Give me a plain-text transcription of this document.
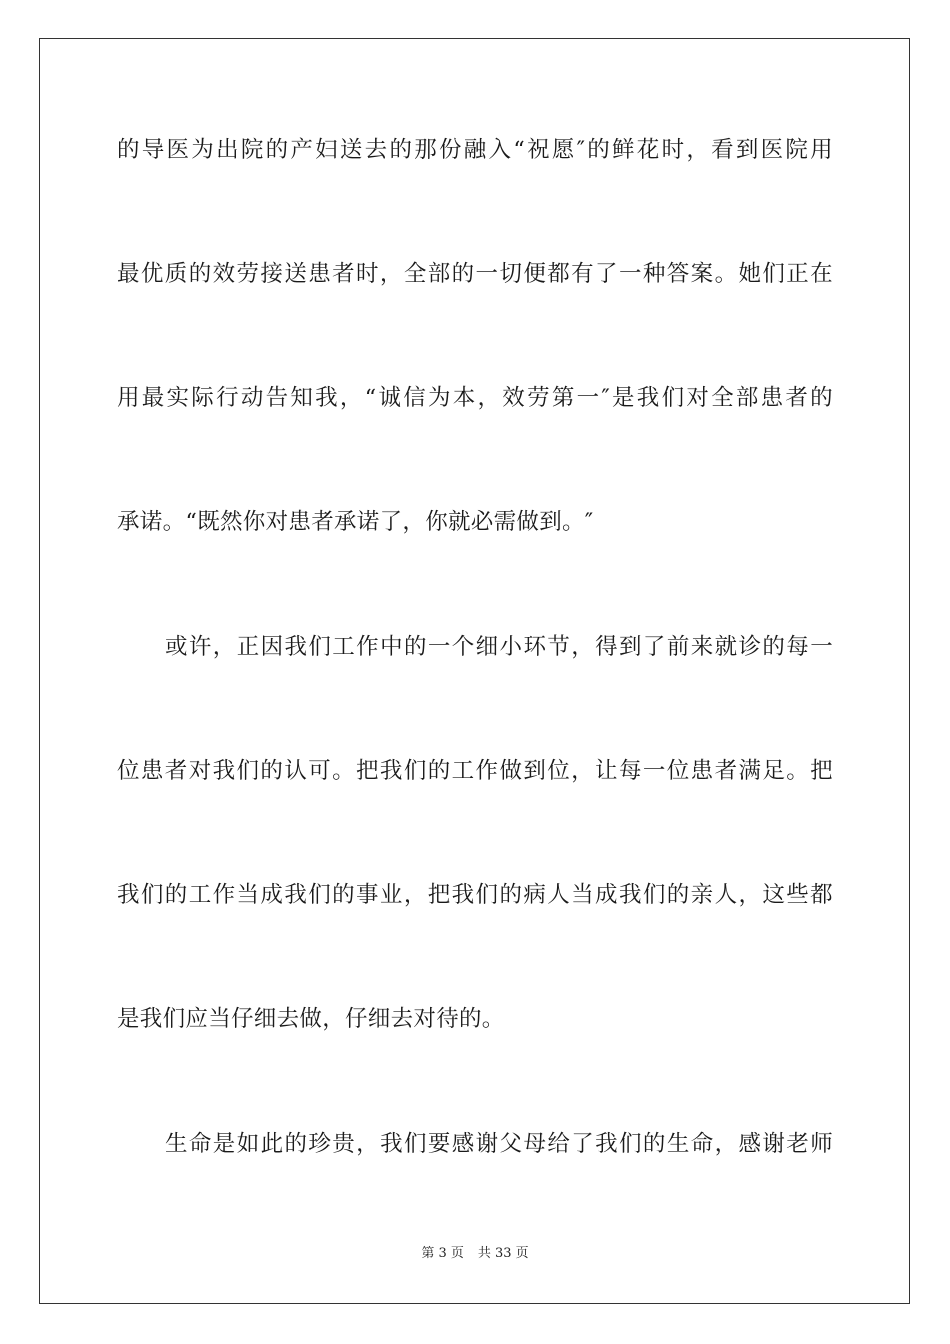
的导医为出院的产妇送去的那份融入“祝愿″的鲜花时，看到医院用
最优质的效劳接送患者时，全部的一切便都有了一种答案。她们正在
用最实际行动告知我，“诚信为本，效劳第一″是我们对全部患者的
承诺。“既然你对患者承诺了，你就必需做到。″
或许，正因我们工作中的一个细小环节，得到了前来就诊的每一
位患者对我们的认可。把我们的工作做到位，让每一位患者满足。把
我们的工作当成我们的事业，把我们的病人当成我们的亲人，这些都
是我们应当仔细去做，仔细去对待的。
生命是如此的珍贵，我们要感谢父母给了我们的生命，感谢老师
第 3 页 共 33 页
